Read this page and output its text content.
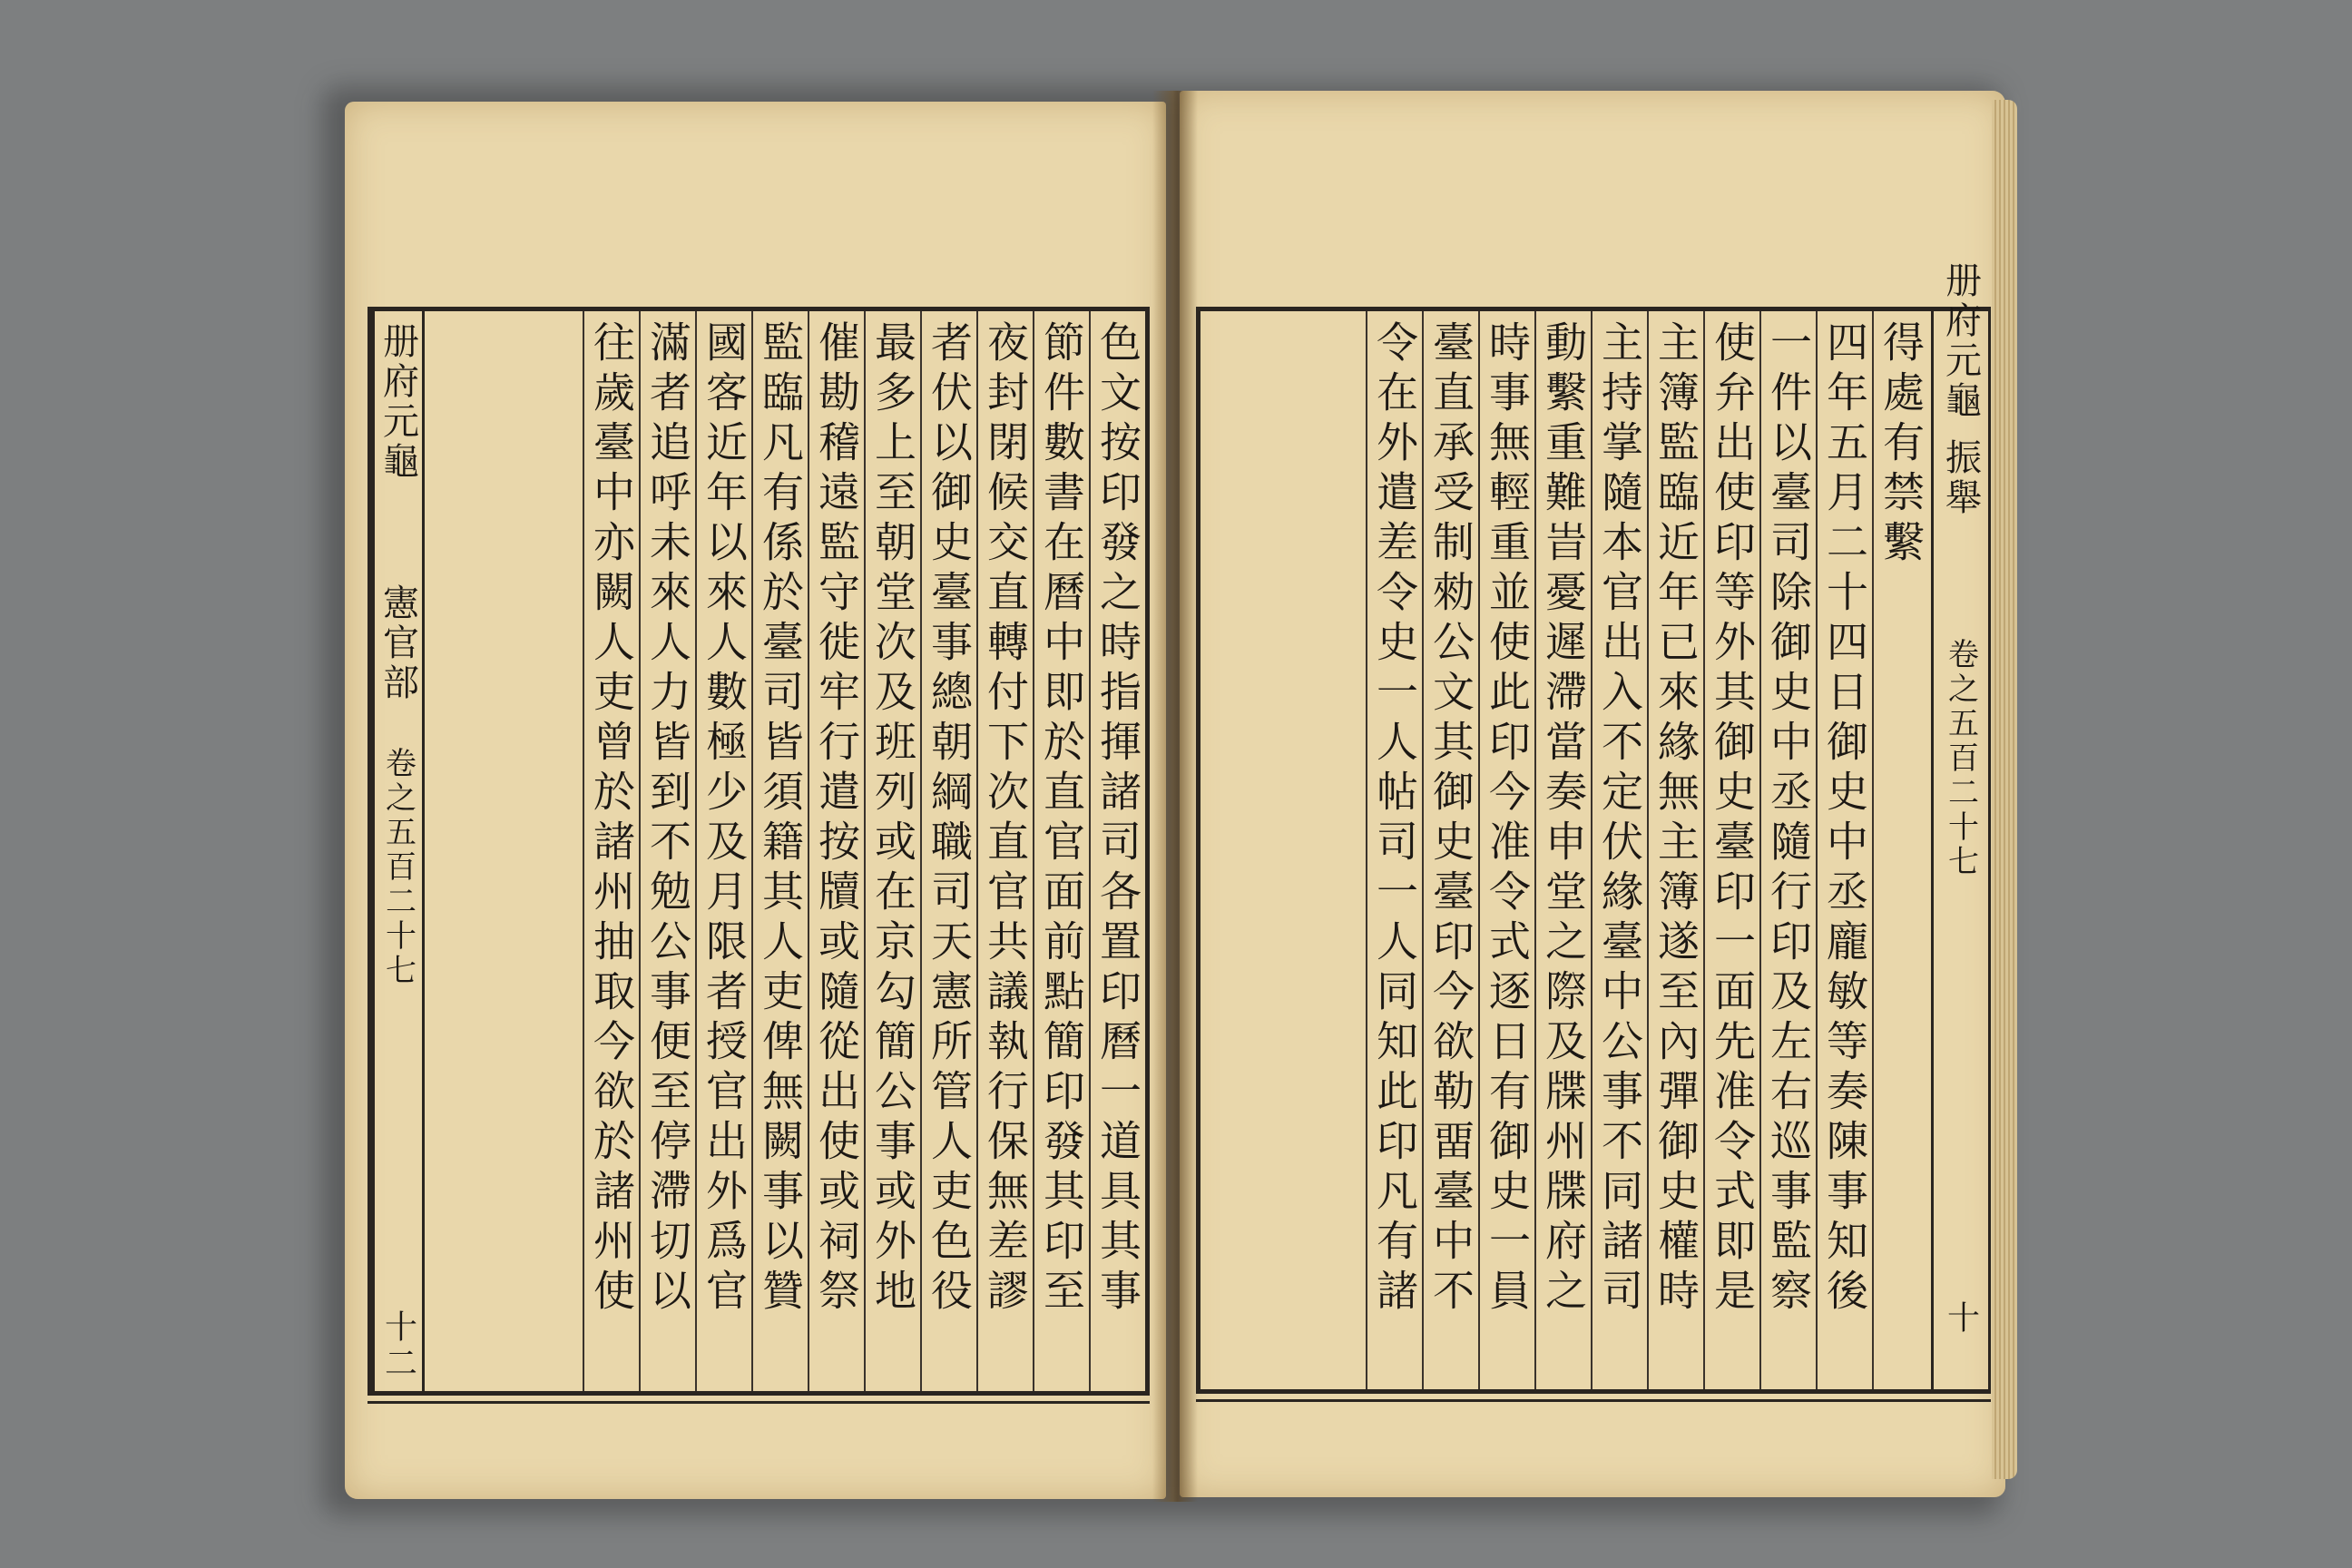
册府元龜
憲官部
卷之五百二十七
十二
色文按印發之時指揮諸司各置印曆一道具其事
節件數書在曆中即於直官面前點簡印發其印至
夜封閉候交直轉付下次直官共議執行保無差謬
者伏以御史臺事總朝綱職司天憲所管人吏色役
最多上至朝堂次及班列或在京勾簡公事或外地
催勘稽遠監守徙牢行遣按牘或隨從出使或祠祭
監臨凡有係於臺司皆須籍其人吏俾無闕事以贊
國客近年以來人數極少及月限者授官出外爲官
滿者追呼未來人力皆到不勉公事便至停滯切以
往歲臺中亦闕人吏曾於諸州抽取今欲於諸州使	得處有禁繫
四年五月二十四日御史中丞龐敏等奏陳事知後
一件以臺司除御史中丞隨行印及左右巡事監察
使弁出使印等外其御史臺印一面先准令式即是
主簿監臨近年已來緣無主簿遂至內彈御史權時
主持掌隨本官出入不定伏緣臺中公事不同諸司
動繫重難旹憂遲滯當奏申堂之際及牒州牒府之
時事無輕重並使此印今准令式逐日有御史一員
臺直承受制勑公文其御史臺印今欲勒畱臺中不
令在外遣差令史一人帖司一人同知此印凡有諸	册府元龜
振舉
卷之五百二十七
十
